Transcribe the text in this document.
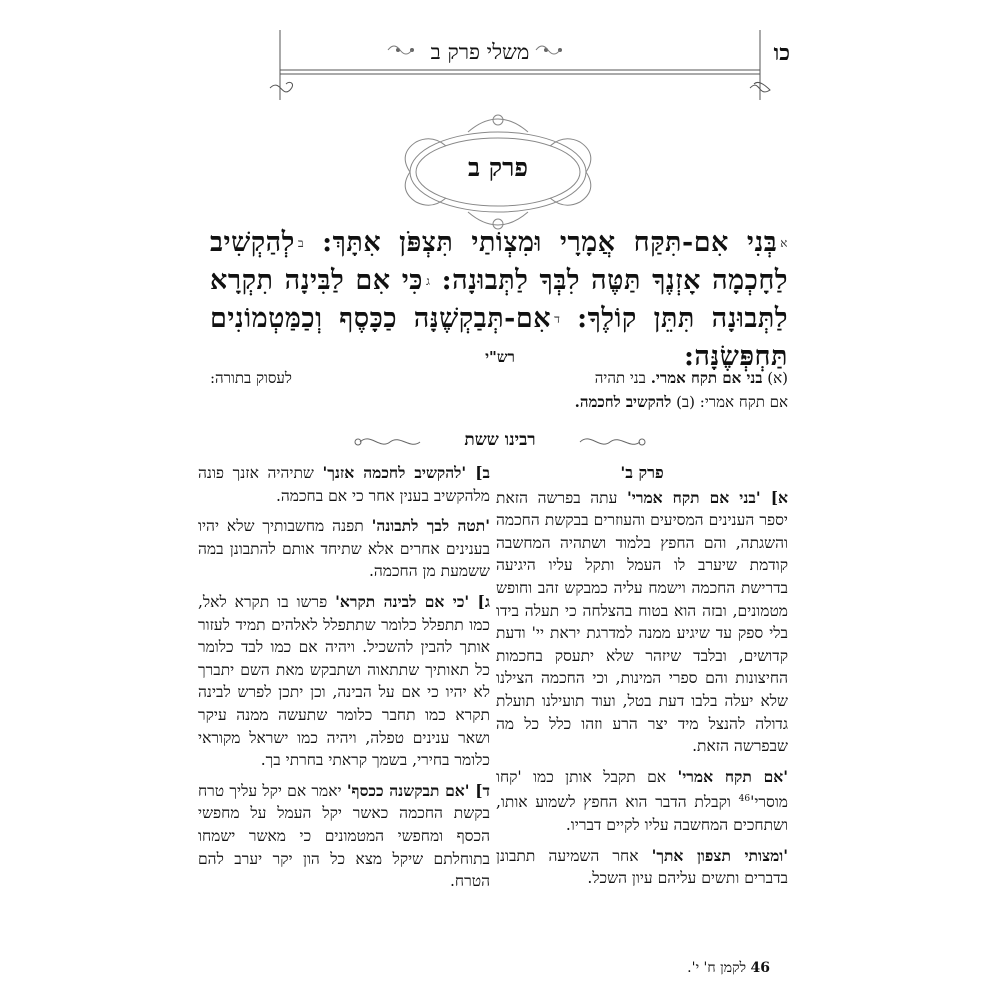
כו
משלי פרק ב
פרק ב
$^א$בְּנִי אִם-תִּקַּח אֲמָרָי וּמִצְוֹתַי תִּצְפֹּן אִתָּךְ: $^ב$לְהַקְשִׁיב לַחָכְמָה אָזְנֶךָ תַּטֶּה לִבְּךָ לַתְּבוּנָה: $^ג$כִּי אִם לַבִּינָה תִקְרָא לַתְּבוּנָה תִּתֵּן קוֹלֶךָ: $^ד$אִם-תְּבַקְשֶׁנָּה כַכָּסֶף וְכַמַּטְמוֹנִים תַּחְפְּשֶׂנָּה:
רש"י
(א) בני אם תקח אמרי. בני תהיה
לעסוק בתורה:
אם תקח אמרי:

(ב)

להקשיב לחכמה.
רבינו ששת
פרק ב'

א] 'בני אם תקח אמרי' עתה בפרשה הזאת יספר הענינים המסיעים והעוזרים בבקשת החכמה והשגתה, והם החפץ בלמוד ושתהיה המחשבה קודמת שיערב לו העמל ותקל עליו היגיעה בדרישת החכמה וישמח עליה כמבקש זהב וחופש מטמונים, ובזה הוא בטוח בהצלחה כי תעלה בידו בלי ספק עד שיגיע ממנה למדרגת יראת יי' ודעת קדושים, ובלבד שיזהר שלא יתעסק בחכמות החיצונות והם ספרי המינות, וכי החכמה הצילנו שלא יעלה בלבו דעת בטל, ועוד תועילנו תועלת גדולה להנצל מיד יצר הרע וזהו כלל כל מה שבפרשה הזאת.

'אם תקח אמרי' אם תקבל אותן כמו 'קחו $מוסרי'^{46}$ וקבלת הדבר הוא החפץ לשמוע אותו, ושתחכים המחשבה עליו לקיים דבריו.

'ומצותי תצפון אתך' אחר השמיעה תתבונן בדברים ותשים עליהם עיון השכל.

ב] 'להקשיב לחכמה אזנך' שתיהיה אזנך פונה מלהקשיב בענין אחר כי אם בחכמה.

'תטה לבך לתבונה' תפנה מחשבותיך שלא יהיו בענינים אחרים אלא שתיחד אותם להתבונן במה ששמעת מן החכמה.

ג] 'כי אם לבינה תקרא' פרשו בו תקרא לאל, כמו תתפלל כלומר שתתפלל לאלהים תמיד לעזור אותך להבין להשכיל. ויהיה אם כמו לבד כלומר כל תאותיך שתתאוה ושתבקש מאת השם יתברך לא יהיו כי אם על הבינה, וכן יתכן לפרש לבינה תקרא כמו תחבר כלומר שתעשה ממנה עיקר ושאר ענינים טפלה, ויהיה כמו ישראל מקוראי כלומר בחירי, בשמך קראתי בחרתי בך.

ד] 'אם תבקשנה ככסף' יאמר אם יקל עליך טרח בקשת החכמה כאשר יקל העמל על מחפשי הכסף ומחפשי המטמונים כי מאשר ישמחו בתוחלתם שיקל מצא כל הון יקר יערב להם הטרח.

46 לקמן ח' י'.
